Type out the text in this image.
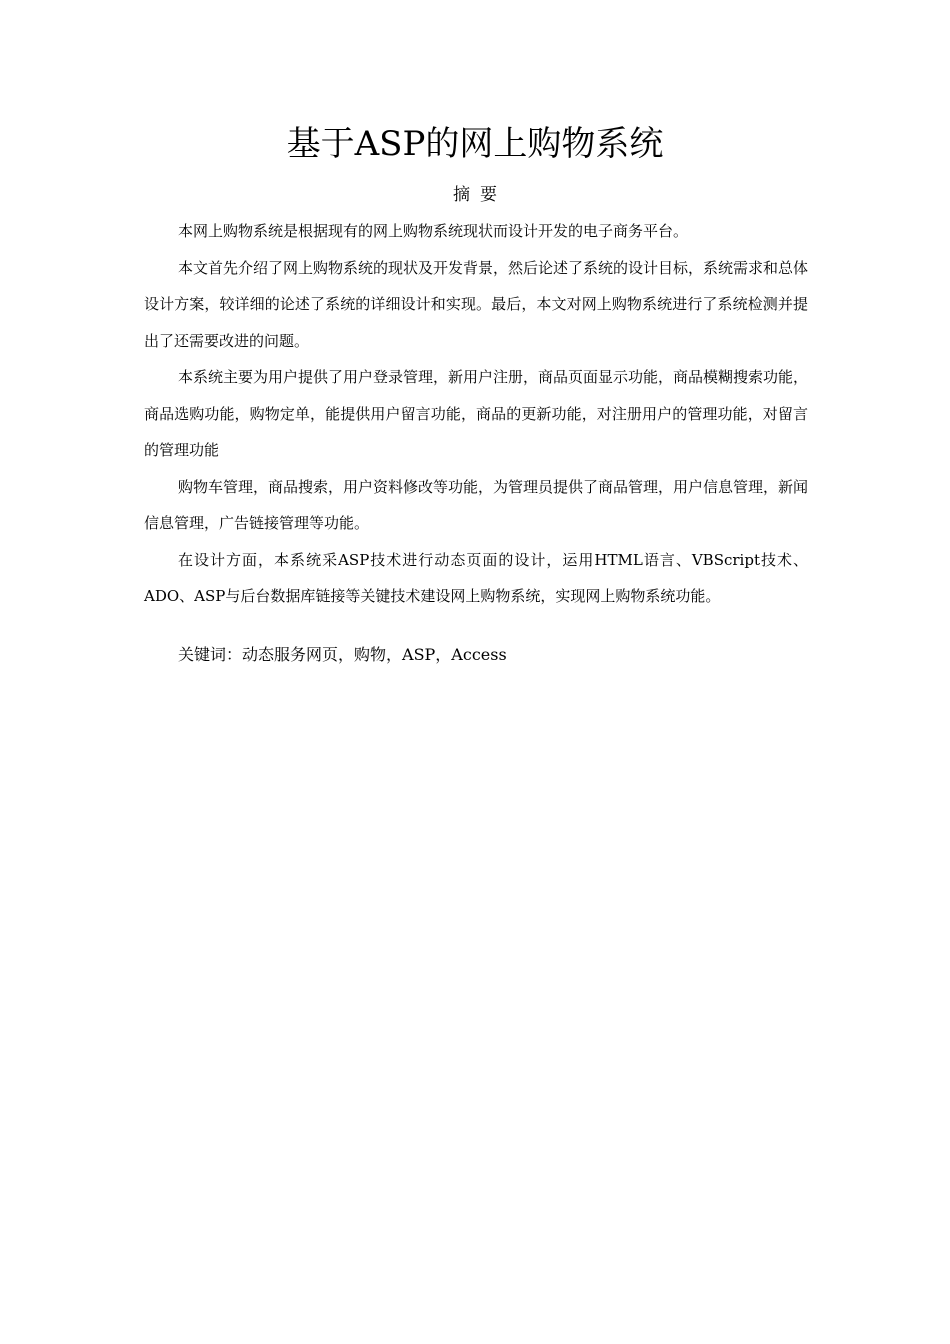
基于ASP的网上购物系统
摘要

本网上购物系统是根据现有的网上购物系统现状而设计开发的电子商务平台。

本文首先介绍了网上购物系统的现状及开发背景，然后论述了系统的设计目标，系统需求和总体设计方案，较详细的论述了系统的详细设计和实现。最后，本文对网上购物系统进行了系统检测并提出了还需要改进的问题。

本系统主要为用户提供了用户登录管理，新用户注册，商品页面显示功能，商品模糊搜索功能，商品选购功能，购物定单，能提供用户留言功能，商品的更新功能，对注册用户的管理功能，对留言的管理功能

购物车管理，商品搜索，用户资料修改等功能，为管理员提供了商品管理，用户信息管理，新闻信息管理，广告链接管理等功能。

在设计方面，本系统采ASP技术进行动态页面的设计，运用HTML语言、VBScript技术、ADO、ASP与后台数据库链接等关键技术建设网上购物系统，实现网上购物系统功能。

关键词：动态服务网页，购物，ASP，Access
